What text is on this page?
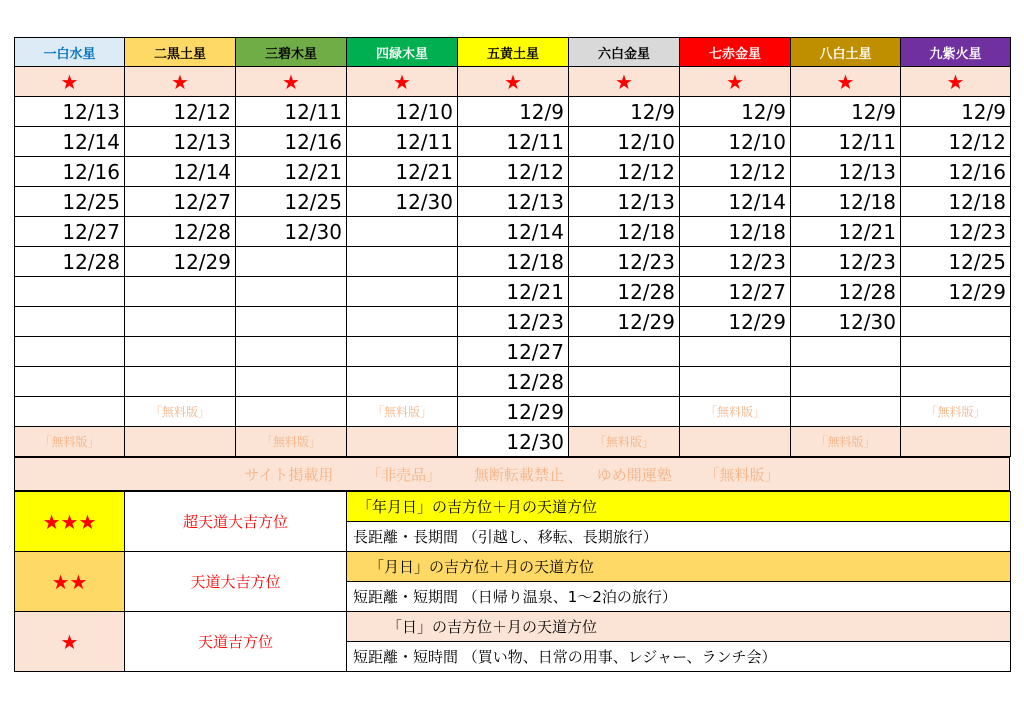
一白水星	二黒土星	三碧木星	四緑木星	五黄土星	六白金星	七赤金星	八白土星	九紫火星
★	★	★	★	★	★	★	★	★
12/13	12/12	12/11	12/10	12/9	12/9	12/9	12/9	12/9
12/14	12/13	12/16	12/11	12/11	12/10	12/10	12/11	12/12
12/16	12/14	12/21	12/21	12/12	12/12	12/12	12/13	12/16
12/25	12/27	12/25	12/30	12/13	12/13	12/14	12/18	12/18
12/27	12/28	12/30		12/14	12/18	12/18	12/21	12/23
12/28	12/29			12/18	12/23	12/23	12/23	12/25
				12/21	12/28	12/27	12/28	12/29
				12/23	12/29	12/29	12/30	
				12/27				
				12/28				
	「無料版」		「無料版」	12/29		「無料版」		「無料版」
「無料版」		「無料版」		12/30	「無料版」		「無料版」	
サイト掲載用 「非売品」 無断転載禁止 ゆめ開運塾 「無料版」
★★★	超天道大吉方位	「年月日」の吉方位＋月の天道方位
		長距離・長期間 （引越し、移転、長期旅行）
★★	天道大吉方位	「月日」の吉方位＋月の天道方位
		短距離・短期間 （日帰り温泉、1～2泊の旅行）
★	天道吉方位	「日」の吉方位＋月の天道方位
		短距離・短時間 （買い物、日常の用事、レジャー、ランチ会）
